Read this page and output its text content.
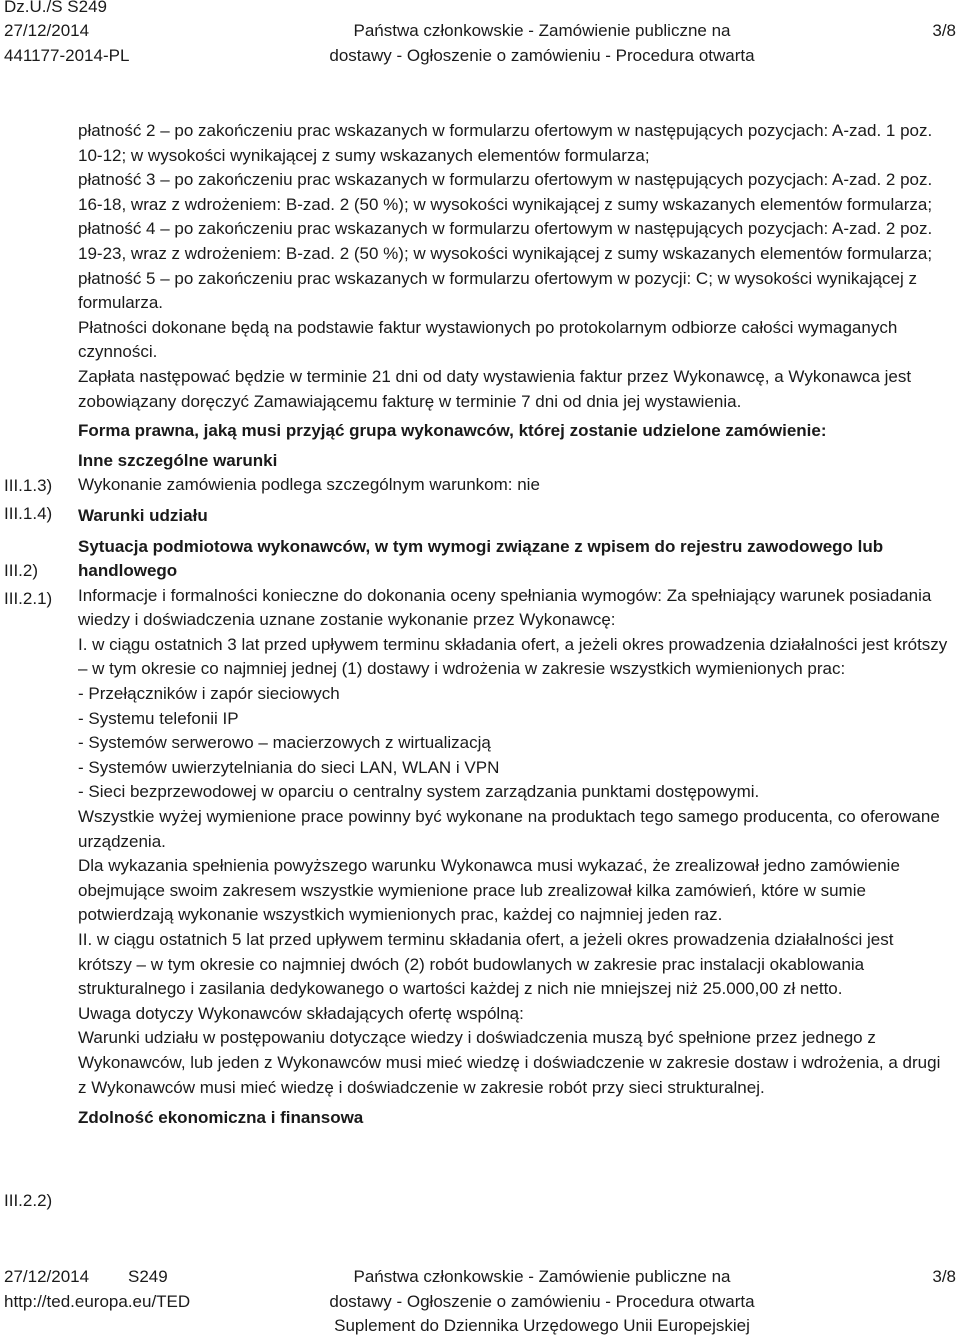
Dz.U./S S249
27/12/2014
441177-2014-PL
Państwa członkowskie - Zamówienie publiczne na
dostawy - Ogłoszenie o zamówieniu - Procedura otwarta
3/8
III.1.3)
III.1.4)
III.2)
III.2.1)
III.2.2)

płatność 2 – po zakończeniu prac wskazanych w formularzu ofertowym w następujących pozycjach: A-zad. 1 poz. 10-12; w wysokości wynikającej z sumy wskazanych elementów formularza;

płatność 3 – po zakończeniu prac wskazanych w formularzu ofertowym w następujących pozycjach: A-zad. 2 poz. 16-18, wraz z wdrożeniem: B-zad. 2 (50 %); w wysokości wynikającej z sumy wskazanych elementów formularza;

płatność 4 – po zakończeniu prac wskazanych w formularzu ofertowym w następujących pozycjach: A-zad. 2 poz. 19-23, wraz z wdrożeniem: B-zad. 2 (50 %); w wysokości wynikającej z sumy wskazanych elementów formularza;

płatność 5 – po zakończeniu prac wskazanych w formularzu ofertowym w pozycji: C; w wysokości wynikającej z formularza.

Płatności dokonane będą na podstawie faktur wystawionych po protokolarnym odbiorze całości wymaganych czynności.

Zapłata następować będzie w terminie 21 dni od daty wystawienia faktur przez Wykonawcę, a Wykonawca jest zobowiązany doręczyć Zamawiającemu fakturę w terminie 7 dni od dnia jej wystawienia.

Forma prawna, jaką musi przyjąć grupa wykonawców, której zostanie udzielone zamówienie:

Inne szczególne warunki

Wykonanie zamówienia podlega szczególnym warunkom: nie

Warunki udziału

Sytuacja podmiotowa wykonawców, w tym wymogi związane z wpisem do rejestru zawodowego lub handlowego

Informacje i formalności konieczne do dokonania oceny spełniania wymogów: Za spełniający warunek posiadania wiedzy i doświadczenia uznane zostanie wykonanie przez Wykonawcę:

I. w ciągu ostatnich 3 lat przed upływem terminu składania ofert, a jeżeli okres prowadzenia działalności jest krótszy – w tym okresie co najmniej jednej (1) dostawy i wdrożenia w zakresie wszystkich wymienionych prac:

- Przełączników i zapór sieciowych

- Systemu telefonii IP

- Systemów serwerowo – macierzowych z wirtualizacją

- Systemów uwierzytelniania do sieci LAN, WLAN i VPN

- Sieci bezprzewodowej w oparciu o centralny system zarządzania punktami dostępowymi.

Wszystkie wyżej wymienione prace powinny być wykonane na produktach tego samego producenta, co oferowane urządzenia.

Dla wykazania spełnienia powyższego warunku Wykonawca musi wykazać, że zrealizował jedno zamówienie obejmujące swoim zakresem wszystkie wymienione prace lub zrealizował kilka zamówień, które w sumie potwierdzają wykonanie wszystkich wymienionych prac, każdej co najmniej jeden raz.

II. w ciągu ostatnich 5 lat przed upływem terminu składania ofert, a jeżeli okres prowadzenia działalności jest krótszy – w tym okresie co najmniej dwóch (2) robót budowlanych w zakresie prac instalacji okablowania strukturalnego i zasilania dedykowanego o wartości każdej z nich nie mniejszej niż 25.000,00 zł netto.

Uwaga dotyczy Wykonawców składających ofertę wspólną:

Warunki udziału w postępowaniu dotyczące wiedzy i doświadczenia muszą być spełnione przez jednego z Wykonawców, lub jeden z Wykonawców musi mieć wiedzę i doświadczenie w zakresie dostaw i wdrożenia, a drugi z Wykonawców musi mieć wiedzę i doświadczenie w zakresie robót przy sieci strukturalnej.

Zdolność ekonomiczna i finansowa

27/12/2014 S249
http://ted.europa.eu/TED
Państwa członkowskie - Zamówienie publiczne na
dostawy - Ogłoszenie o zamówieniu - Procedura otwarta
Suplement do Dziennika Urzędowego Unii Europejskiej
3/8
